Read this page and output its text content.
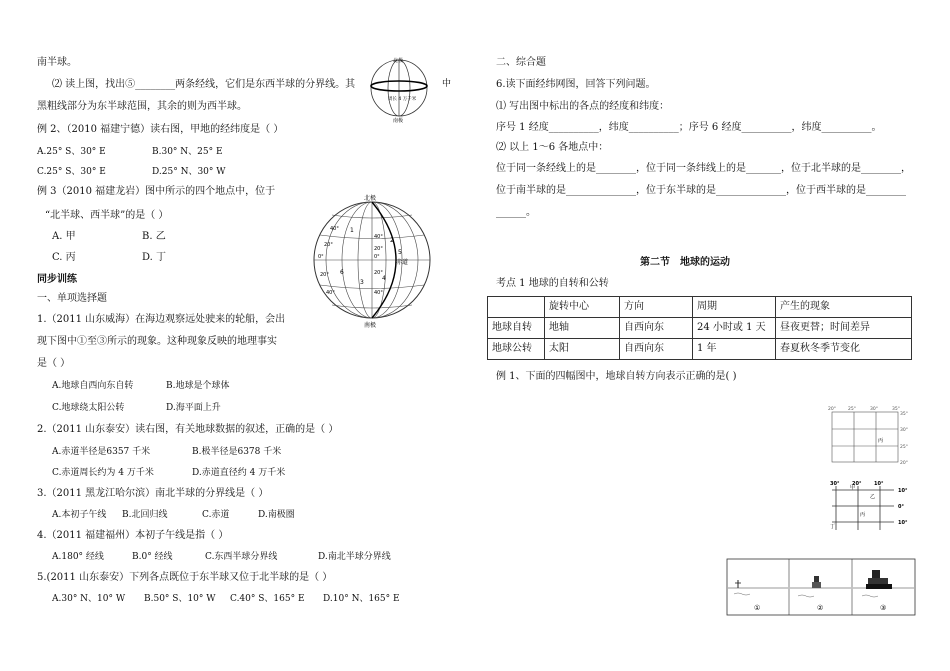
南半球。
⑵ 读上图，找出⑤________两条经线，它们是东西半球的分界线。其
黑粗线部分为东半球范围，其余的则为西半球。
例 2、（2010 福建宁德）读右图，甲地的经纬度是（ ）
A.25° S、30° E	B.30° N、25° E
C.25° S、30° E	D.25° N、30° W
例 3（2010 福建龙岩）图中所示的四个地点中，位于
“北半球、西半球”的是（ ）
A. 甲	B. 乙
C. 丙	D. 丁
同步训练
一、单项选择题
1.（2011 山东威海）在海边观察远处驶来的轮船，会出
现下图中①至③所示的现象。这种现象反映的地理事实
是（ ）
A.地球自西向东自转	B.地球是个球体
C.地球绕太阳公转	D.海平面上升
2.（2011 山东泰安）读右图，有关地球数据的叙述，正确的是（ ）
A.赤道半径是6357 千米	B.极半径是6378 千米
C.赤道周长约为 4 万千米	D.赤道直径约 4 万千米
3.（2011 黑龙江哈尔滨）南北半球的分界线是（ ）
A.本初子午线 B.北回归线	C.赤道	D.南极圈
4.（2011 福建福州）本初子午线是指（ ）
A.180° 经线	B.0° 经线	C.东西半球分界线	D.南北半球分界线
5.(2011 山东泰安）下列各点既位于东半球又位于北半球的是（ ）
A.30° N、10° W B.50° S、10° W C.40° S、165° E D.10° N、165° E
北极
南极
周长 4 万千米
中
北极
南极
赤道
40°
20°
0°
20°
40°
40°
20°
0°
20°
40°
1
2
3
4
5
6
二、综合题
6.读下面经纬网图，回答下列问题。
⑴ 写出图中标出的各点的经度和纬度：
序号 1 经度__________，纬度__________；序号 6 经度__________，纬度__________。
⑵ 以上 1～6 各地点中：
位于同一条经线上的是________，位于同一条纬线上的是_______，位于北半球的是________，
位于南半球的是______________，位于东半球的是______________，位于西半球的是________
______。
第二节　地球的运动
考点 1 地球的自转和公转
	旋转中心	方向	周期	产生的现象
地球自转	地轴	自西向东	24 小时或 1 天	昼夜更替；时间差异
地球公转	太阳	自西向东	1 年	春夏秋冬季节变化
例 1、下面的四幅图中，地球自转方向表示正确的是( )
20°	25°	30°	35°
35°
30°
25°
20°
丙
30°	20°	10°
10°
0°
10°
甲
乙
丙
丁
①	②	③
